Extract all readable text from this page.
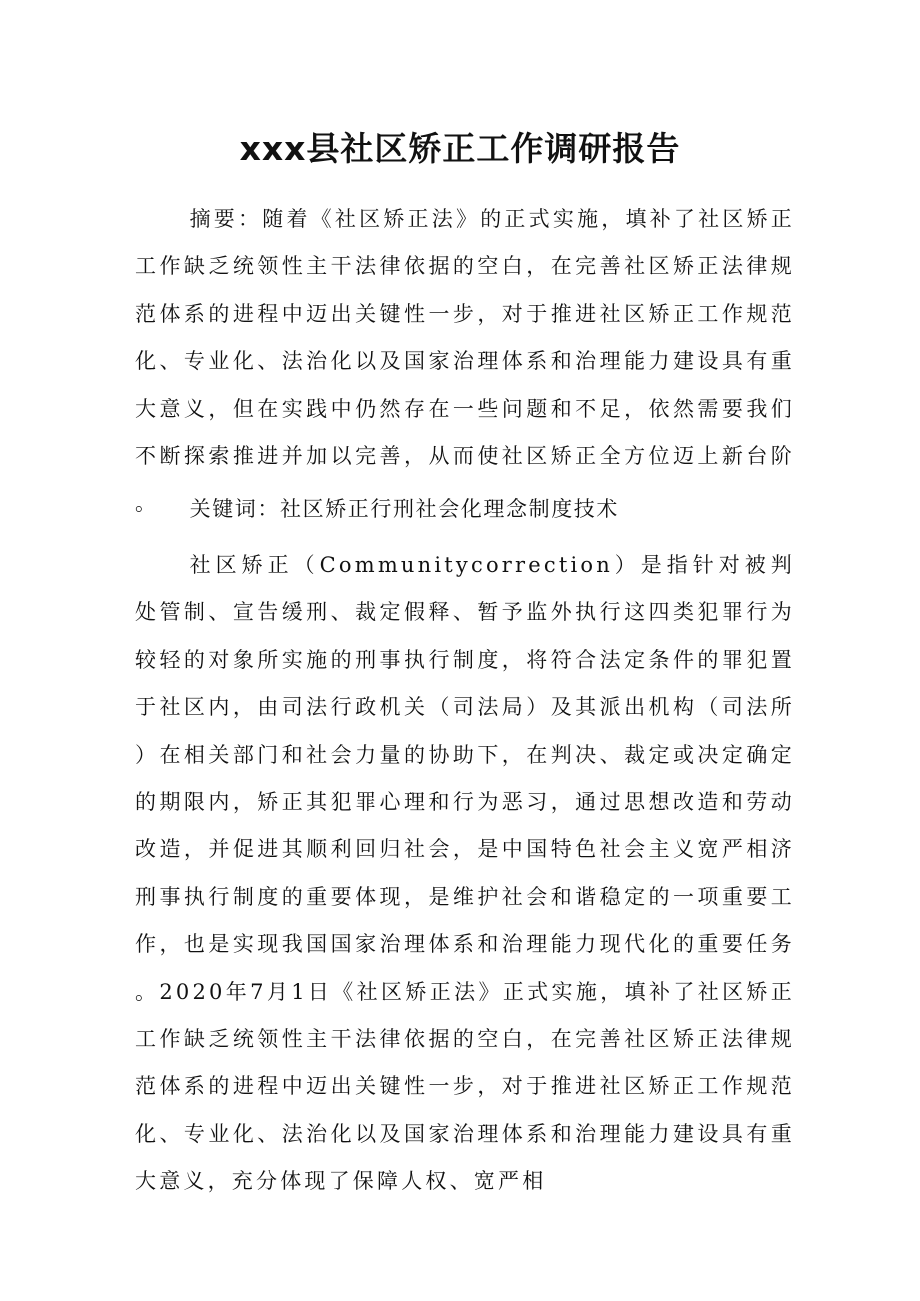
xxx县社区矫正工作调研报告

摘要：随着《社区矫正法》的正式实施，填补了社区矫正工作缺乏统领性主干法律依据的空白，在完善社区矫正法律规范体系的进程中迈出关键性一步，对于推进社区矫正工作规范化、专业化、法治化以及国家治理体系和治理能力建设具有重大意义，但在实践中仍然存在一些问题和不足，依然需要我们不断探索推进并加以完善，从而使社区矫正全方位迈上新台阶。	关键词：社区矫正行刑社会化理念制度技术

社区矫正（Communitycorrection）是指针对被判处管制、宣告缓刑、裁定假释、暂予监外执行这四类犯罪行为较轻的对象所实施的刑事执行制度，将符合法定条件的罪犯置于社区内，由司法行政机关（司法局）及其派出机构（司法所）在相关部门和社会力量的协助下，在判决、裁定或决定确定的期限内，矫正其犯罪心理和行为恶习，通过思想改造和劳动改造，并促进其顺利回归社会，是中国特色社会主义宽严相济刑事执行制度的重要体现，是维护社会和谐稳定的一项重要工作，也是实现我国国家治理体系和治理能力现代化的重要任务。2020年7月1日《社区矫正法》正式实施，填补了社区矫正工作缺乏统领性主干法律依据的空白，在完善社区矫正法律规范体系的进程中迈出关键性一步，对于推进社区矫正工作规范化、专业化、法治化以及国家治理体系和治理能力建设具有重大意义，充分体现了保障人权、宽严相
